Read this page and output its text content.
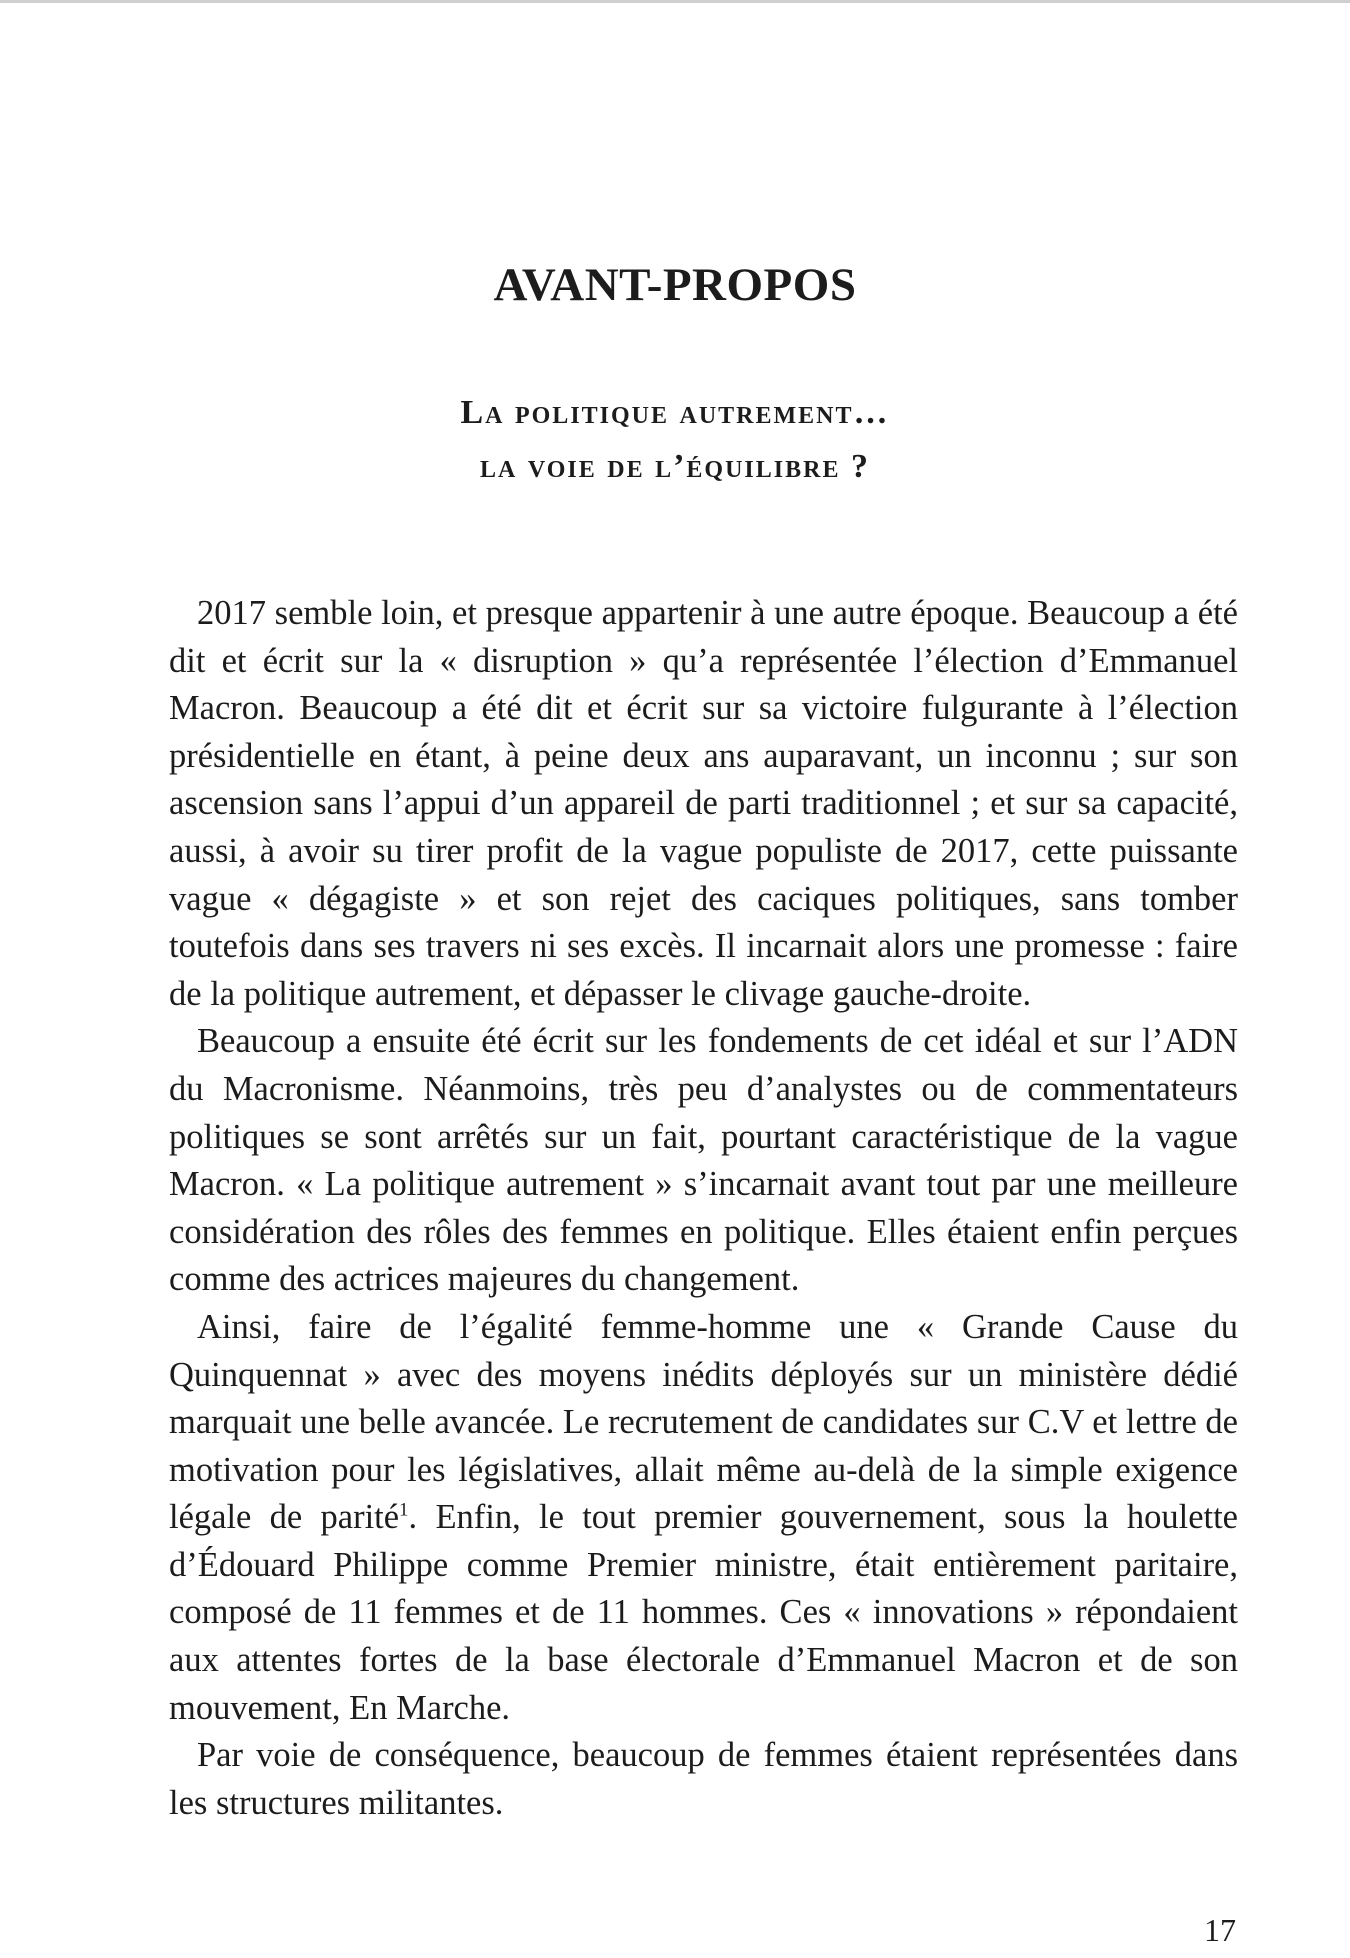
AVANT-PROPOS
La politique autrement…
la voie de l’équilibre ?

2017 semble loin, et presque appartenir à une autre époque. Beaucoup a été dit et écrit sur la « disruption » qu’a représentée l’élection d’Emmanuel Macron. Beaucoup a été dit et écrit sur sa victoire fulgurante à l’élection présidentielle en étant, à peine deux ans auparavant, un inconnu ; sur son ascension sans l’appui d’un appareil de parti traditionnel ; et sur sa capacité, aussi, à avoir su tirer profit de la vague populiste de 2017, cette puissante vague « dégagiste » et son rejet des caciques politiques, sans tomber toutefois dans ses travers ni ses excès. Il incarnait alors une promesse : faire de la politique autrement, et dépasser le clivage gauche-droite.

Beaucoup a ensuite été écrit sur les fondements de cet idéal et sur l’ADN du Macronisme. Néanmoins, très peu d’analystes ou de commentateurs politiques se sont arrêtés sur un fait, pourtant caractéristique de la vague Macron. « La politique autrement » s’incarnait avant tout par une meilleure considération des rôles des femmes en politique. Elles étaient enfin perçues comme des actrices majeures du changement.

Ainsi, faire de l’égalité femme-homme une « Grande Cause du Quinquennat » avec des moyens inédits déployés sur un ministère dédié marquait une belle avancée. Le recrutement de candidates sur C.V et lettre de motivation pour les législatives, allait même au-delà de la simple exigence légale de parité$^1$. Enfin, le tout premier gouvernement, sous la houlette d’Édouard Philippe comme Premier ministre, était entièrement paritaire, composé de 11 femmes et de 11 hommes. Ces « innovations » répondaient aux attentes fortes de la base électorale d’Emmanuel Macron et de son mouvement, En Marche.

Par voie de conséquence, beaucoup de femmes étaient représentées dans les structures militantes.

17
